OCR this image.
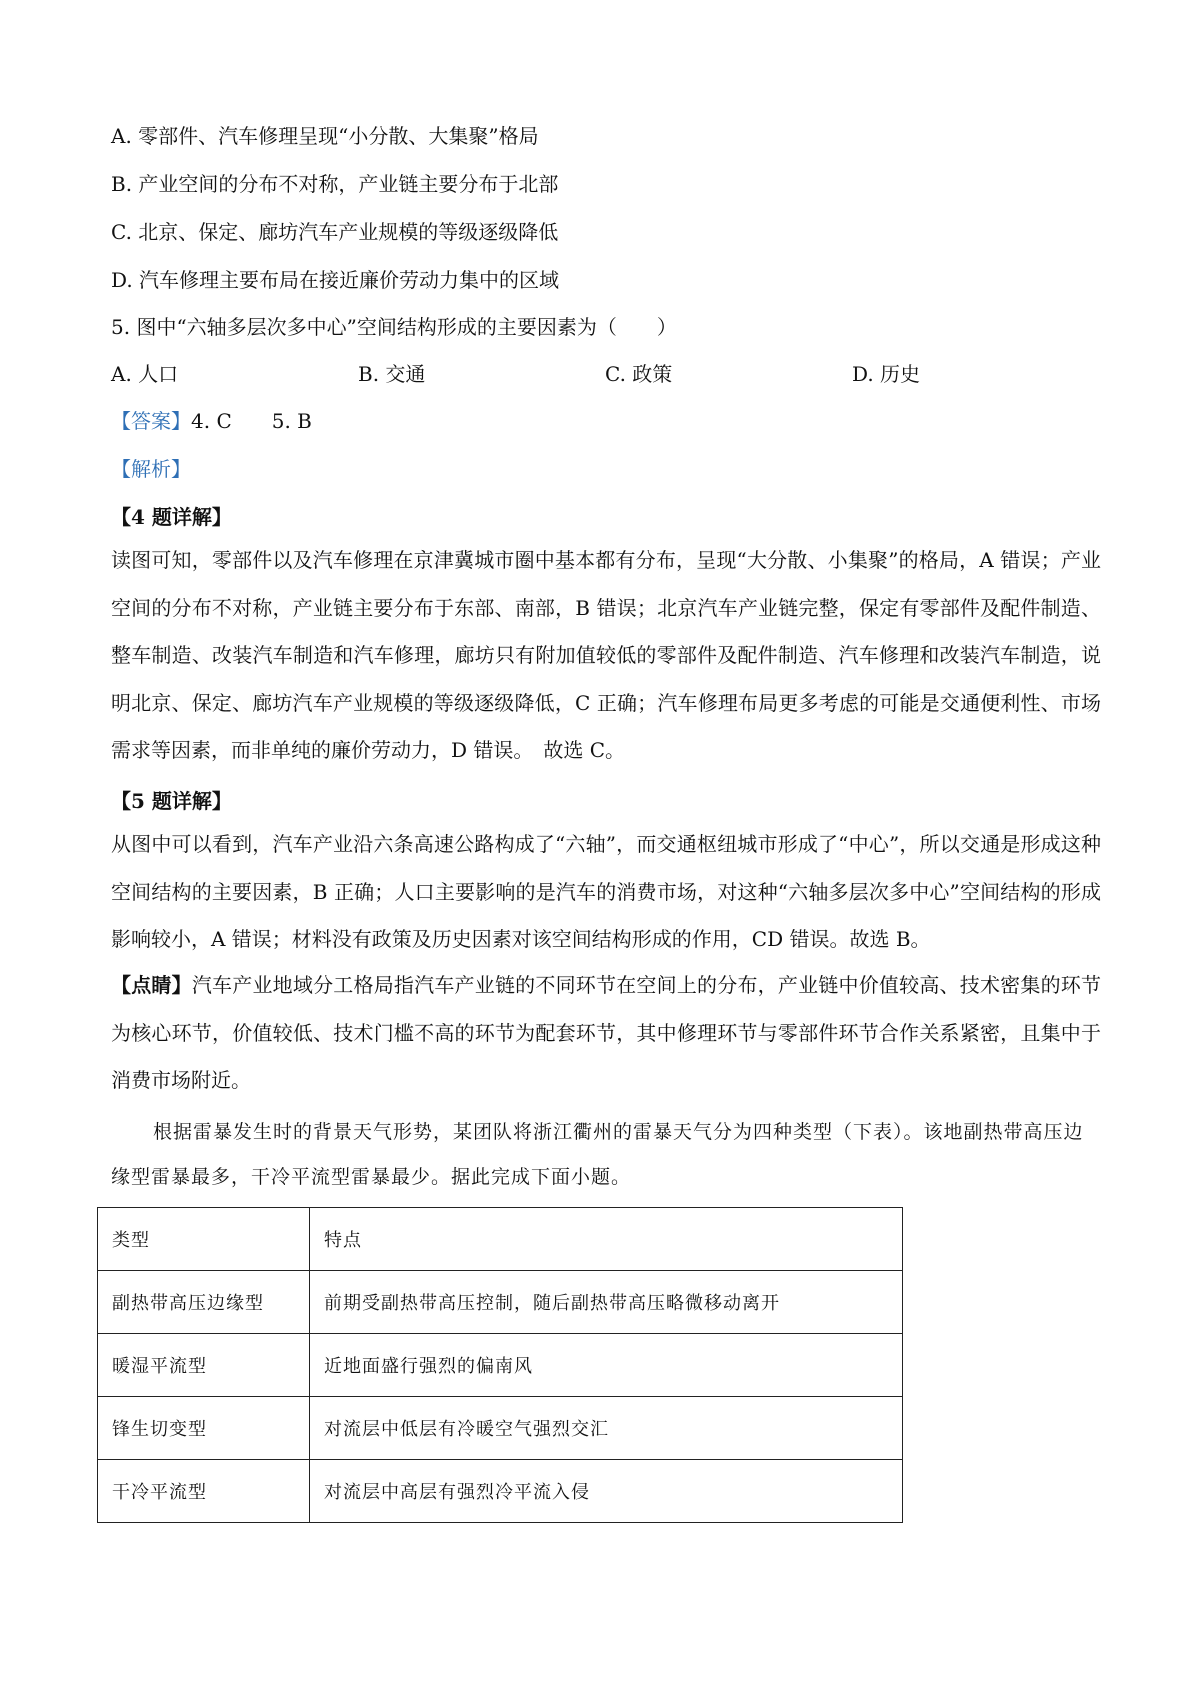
A. 零部件、汽车修理呈现“小分散、大集聚”格局
B. 产业空间的分布不对称，产业链主要分布于北部
C. 北京、保定、廊坊汽车产业规模的等级逐级降低
D. 汽车修理主要布局在接近廉价劳动力集中的区域
5. 图中“六轴多层次多中心”空间结构形成的主要因素为（　　）
A. 人口	B. 交通	C. 政策	D. 历史
【答案】4. C　　5. B
【解析】
【4 题详解】
读图可知，零部件以及汽车修理在京津冀城市圈中基本都有分布，呈现“大分散、小集聚”的格局，A 错误；产业空间的分布不对称，产业链主要分布于东部、南部，B 错误；北京汽车产业链完整，保定有零部件及配件制造、整车制造、改装汽车制造和汽车修理，廊坊只有附加值较低的零部件及配件制造、汽车修理和改装汽车制造，说明北京、保定、廊坊汽车产业规模的等级逐级降低，C 正确；汽车修理布局更多考虑的可能是交通便利性、市场需求等因素，而非单纯的廉价劳动力，D 错误。　故选 C。
【5 题详解】
从图中可以看到，汽车产业沿六条高速公路构成了“六轴”，而交通枢纽城市形成了“中心”，所以交通是形成这种空间结构的主要因素，B 正确；人口主要影响的是汽车的消费市场，对这种“六轴多层次多中心”空间结构的形成影响较小，A 错误；材料没有政策及历史因素对该空间结构形成的作用，CD 错误。故选 B。
【点睛】汽车产业地域分工格局指汽车产业链的不同环节在空间上的分布，产业链中价值较高、技术密集的环节为核心环节，价值较低、技术门槛不高的环节为配套环节，其中修理环节与零部件环节合作关系紧密，且集中于消费市场附近。
根据雷暴发生时的背景天气形势，某团队将浙江衢州的雷暴天气分为四种类型（下表）。该地副热带高压边缘型雷暴最多，干冷平流型雷暴最少。据此完成下面小题。
类型	特点
副热带高压边缘型	前期受副热带高压控制，随后副热带高压略微移动离开
暖湿平流型	近地面盛行强烈的偏南风
锋生切变型	对流层中低层有冷暖空气强烈交汇
干冷平流型	对流层中高层有强烈冷平流入侵
